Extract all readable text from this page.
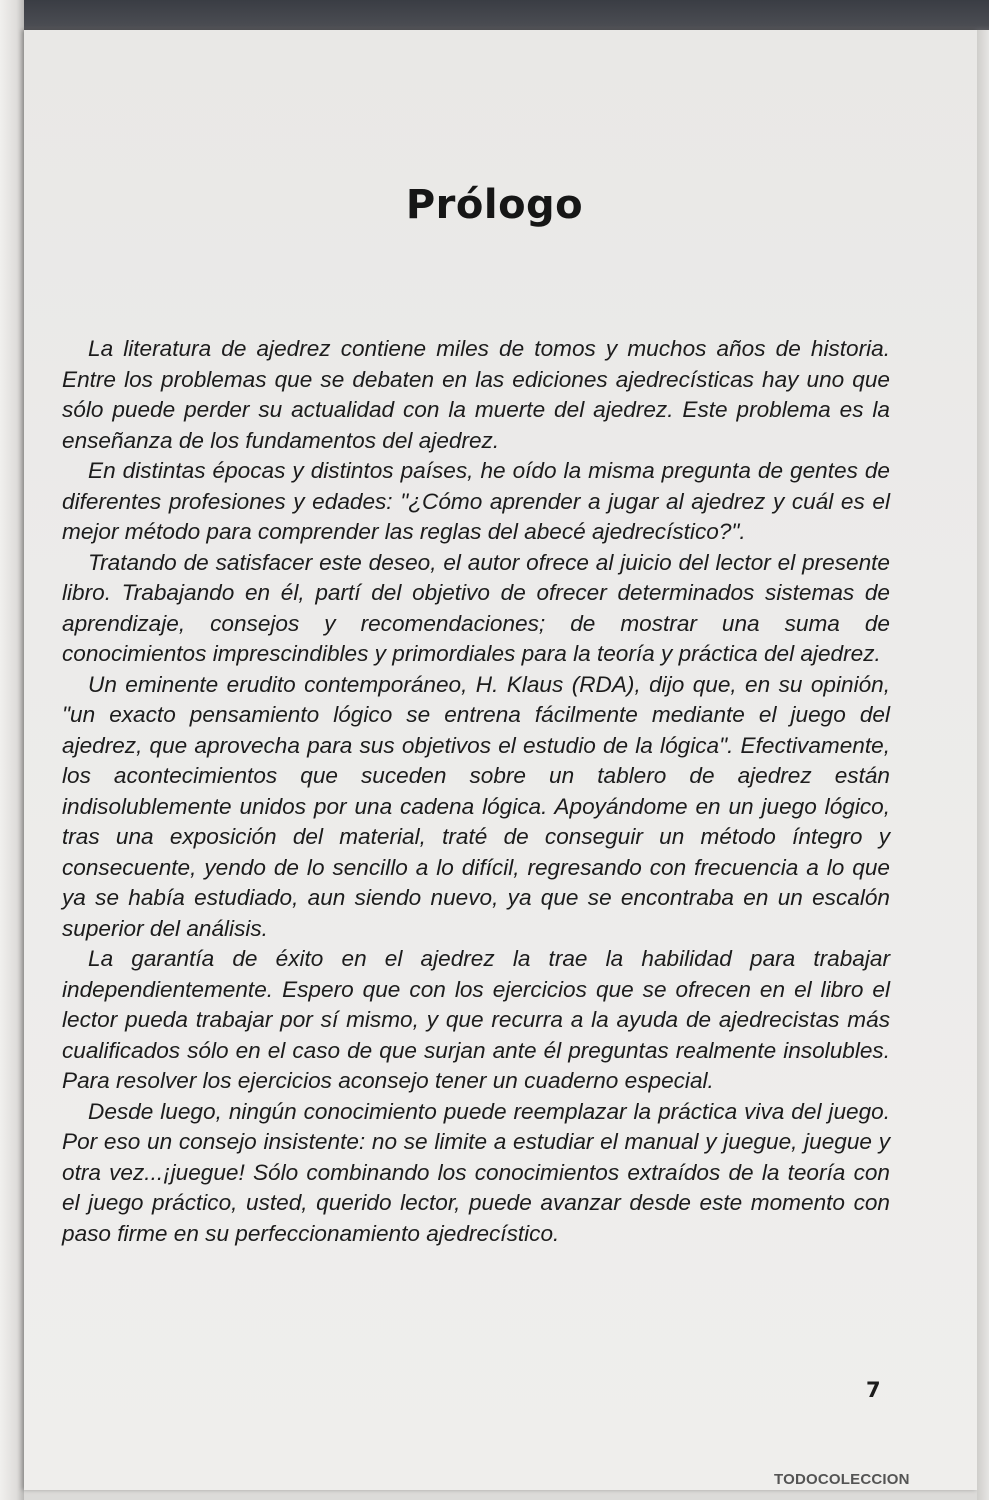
Prólogo

La literatura de ajedrez contiene miles de tomos y muchos años de historia. Entre los problemas que se debaten en las ediciones ajedrecísticas hay uno que sólo puede perder su actualidad con la muerte del ajedrez. Este problema es la enseñanza de los fundamentos del ajedrez.

En distintas épocas y distintos países, he oído la misma pregunta de gentes de diferentes profesiones y edades: "¿Cómo aprender a jugar al ajedrez y cuál es el mejor método para comprender las reglas del abecé ajedrecístico?".

Tratando de satisfacer este deseo, el autor ofrece al juicio del lector el presente libro. Trabajando en él, partí del objetivo de ofrecer determinados sistemas de aprendizaje, consejos y recomendaciones; de mostrar una suma de conocimientos imprescindibles y primordiales para la teoría y práctica del ajedrez.

Un eminente erudito contemporáneo, H. Klaus (RDA), dijo que, en su opinión, "un exacto pensamiento lógico se entrena fácilmente mediante el juego del ajedrez, que aprovecha para sus objetivos el estudio de la lógica". Efectivamente, los acontecimientos que suceden sobre un tablero de ajedrez están indisolublemente unidos por una cadena lógica. Apoyándome en un juego lógico, tras una exposición del material, traté de conseguir un método íntegro y consecuente, yendo de lo sencillo a lo difícil, regresando con frecuencia a lo que ya se había estudiado, aun siendo nuevo, ya que se encontraba en un escalón superior del análisis.

La garantía de éxito en el ajedrez la trae la habilidad para trabajar independientemente. Espero que con los ejercicios que se ofrecen en el libro el lector pueda trabajar por sí mismo, y que recurra a la ayuda de ajedrecistas más cualificados sólo en el caso de que surjan ante él preguntas realmente insolubles. Para resolver los ejercicios aconsejo tener un cuaderno especial.

Desde luego, ningún conocimiento puede reemplazar la práctica viva del juego. Por eso un consejo insistente: no se limite a estudiar el manual y juegue, juegue y otra vez...¡juegue! Sólo combinando los conocimientos extraídos de la teoría con el juego práctico, usted, querido lector, puede avanzar desde este momento con paso firme en su perfeccionamiento ajedrecístico.

7
TODOCOLECCION
